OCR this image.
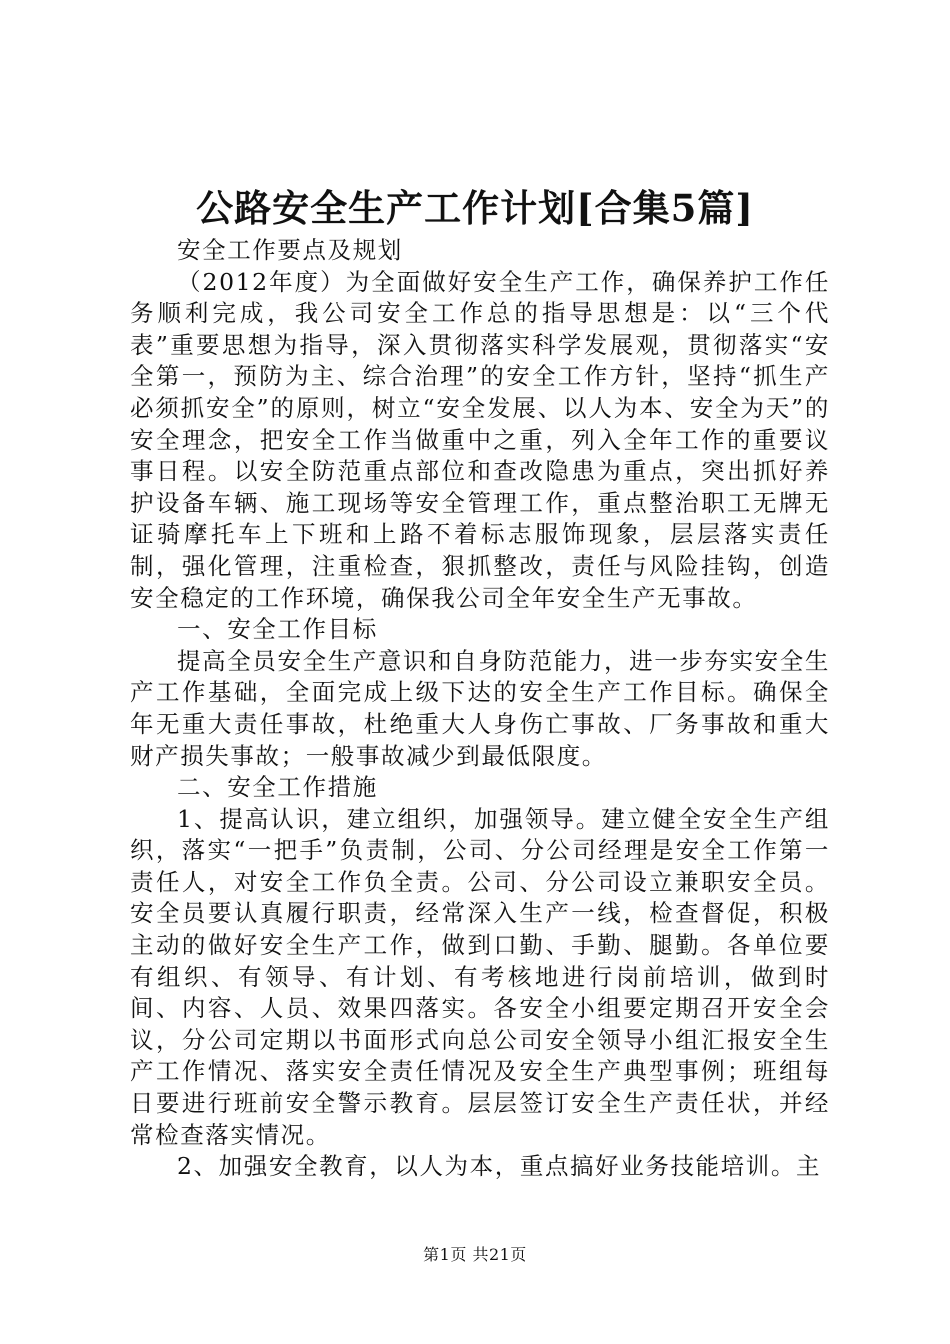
公路安全生产工作计划[合集5篇]

安全工作要点及规划

（2012年度）为全面做好安全生产工作，确保养护工作任务顺利完成，我公司安全工作总的指导思想是：以“三个代表”重要思想为指导，深入贯彻落实科学发展观，贯彻落实“安全第一，预防为主、综合治理”的安全工作方针，坚持“抓生产必须抓安全”的原则，树立“安全发展、以人为本、安全为天”的安全理念，把安全工作当做重中之重，列入全年工作的重要议事日程。以安全防范重点部位和查改隐患为重点，突出抓好养护设备车辆、施工现场等安全管理工作，重点整治职工无牌无证骑摩托车上下班和上路不着标志服饰现象，层层落实责任制，强化管理，注重检查，狠抓整改，责任与风险挂钩，创造安全稳定的工作环境，确保我公司全年安全生产无事故。

一、安全工作目标

提高全员安全生产意识和自身防范能力，进一步夯实安全生产工作基础，全面完成上级下达的安全生产工作目标。确保全年无重大责任事故，杜绝重大人身伤亡事故、厂务事故和重大财产损失事故；一般事故减少到最低限度。

二、安全工作措施

1、提高认识，建立组织，加强领导。建立健全安全生产组织，落实“一把手”负责制，公司、分公司经理是安全工作第一责任人，对安全工作负全责。公司、分公司设立兼职安全员。安全员要认真履行职责，经常深入生产一线，检查督促，积极主动的做好安全生产工作，做到口勤、手勤、腿勤。各单位要有组织、有领导、有计划、有考核地进行岗前培训，做到时间、内容、人员、效果四落实。各安全小组要定期召开安全会议，分公司定期以书面形式向总公司安全领导小组汇报安全生产工作情况、落实安全责任情况及安全生产典型事例；班组每日要进行班前安全警示教育。层层签订安全生产责任状，并经常检查落实情况。

2、加强安全教育，以人为本，重点搞好业务技能培训。主

第1页 共21页
